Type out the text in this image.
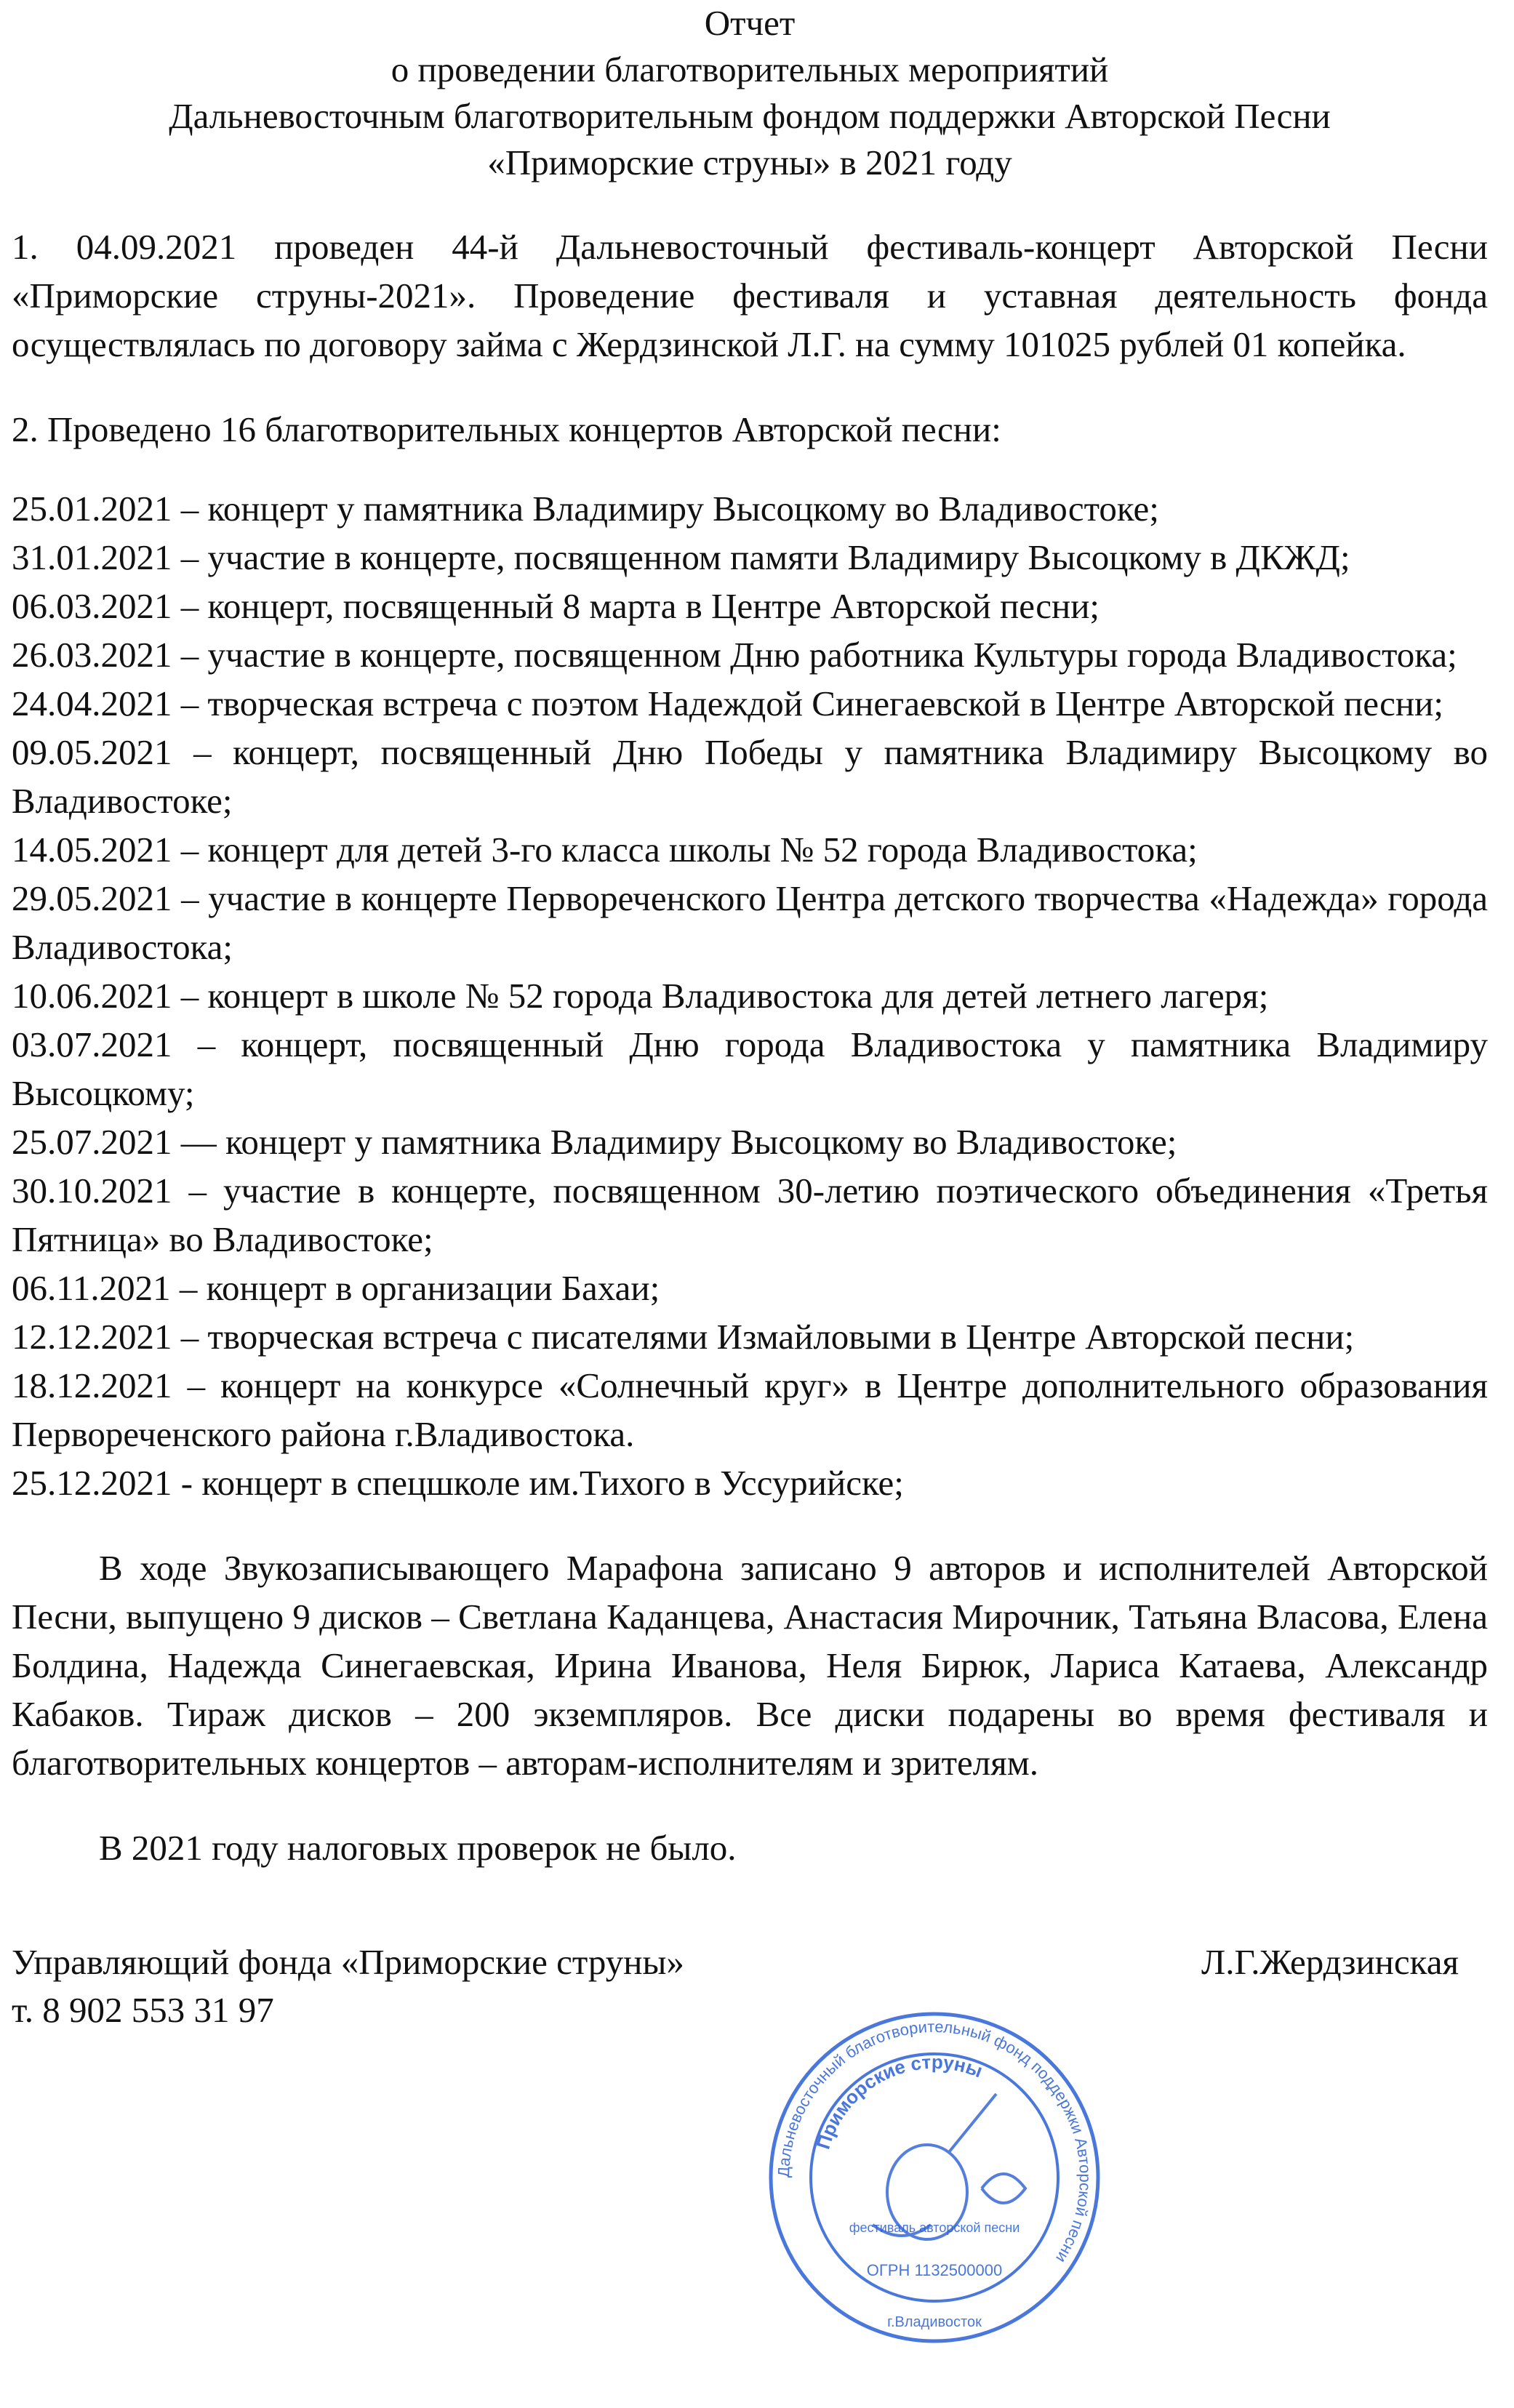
Отчет
о проведении благотворительных мероприятий
Дальневосточным благотворительным фондом поддержки Авторской Песни
«Приморские струны» в 2021 году

1. 04.09.2021 проведен 44-й Дальневосточный фестиваль-концерт Авторской Песни «Приморские струны-2021». Проведение фестиваля и уставная деятельность фонда осуществлялась по договору займа с Жердзинской Л.Г. на сумму 101025 рублей 01 копейка.

2. Проведено 16 благотворительных концертов Авторской песни:

25.01.2021 – концерт у памятника Владимиру Высоцкому во Владивостоке;

31.01.2021 – участие в концерте, посвященном памяти Владимиру Высоцкому в ДКЖД;

06.03.2021 – концерт, посвященный 8 марта в Центре Авторской песни;

26.03.2021 – участие в концерте, посвященном Дню работника Культуры города Владивостока;

24.04.2021 – творческая встреча с поэтом Надеждой Синегаевской в Центре Авторской песни;

09.05.2021 – концерт, посвященный Дню Победы у памятника Владимиру Высоцкому во Владивостоке;

14.05.2021 – концерт для детей 3-го класса школы № 52 города Владивостока;

29.05.2021 – участие в концерте Первореченского Центра детского творчества «Надежда» города Владивостока;

10.06.2021 – концерт в школе № 52 города Владивостока для детей летнего лагеря;

03.07.2021 – концерт, посвященный Дню города Владивостока у памятника Владимиру Высоцкому;

25.07.2021 — концерт у памятника Владимиру Высоцкому во Владивостоке;

30.10.2021 – участие в концерте, посвященном 30-летию поэтического объединения «Третья Пятница» во Владивостоке;

06.11.2021 – концерт в организации Бахаи;

12.12.2021 – творческая встреча с писателями Измайловыми в Центре Авторской песни;

18.12.2021 – концерт на конкурсе «Солнечный круг» в Центре дополнительного образования Первореченского района г.Владивостока.

25.12.2021 - концерт в спецшколе им.Тихого в Уссурийске;

В ходе Звукозаписывающего Марафона записано 9 авторов и исполнителей Авторской Песни, выпущено 9 дисков – Светлана Каданцева, Анастасия Мирочник, Татьяна Власова, Елена Болдина, Надежда Синегаевская, Ирина Иванова, Неля Бирюк, Лариса Катаева, Александр Кабаков. Тираж дисков – 200 экземпляров. Все диски подарены во время фестиваля и благотворительных концертов – авторам-исполнителям и зрителям.

В 2021 году налоговых проверок не было.

Управляющий фонда «Приморские струны»	Л.Г.Жердзинская
т. 8 902 553 31 97
Дальневосточный благотворительный фонд поддержки Авторской песни
Приморские струны
фестиваль авторской песни
ОГРН 1132500000
г.Владивосток
